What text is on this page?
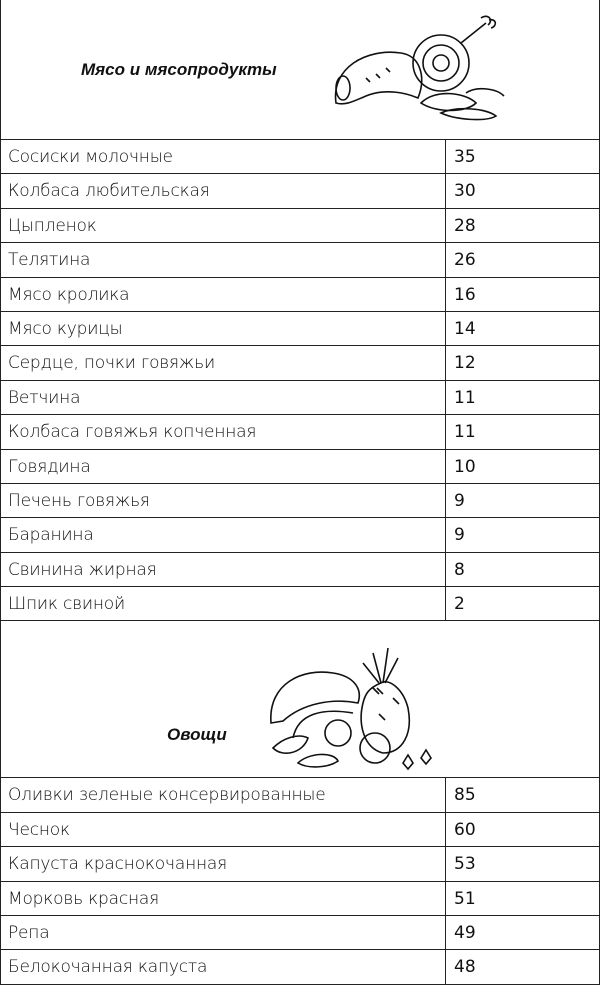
Мясо и мясопродукты
Сосиски молочные	35
Колбаса любительская	30
Цыпленок	28
Телятина	26
Мясо кролика	16
Мясо курицы	14
Сердце, почки говяжьи	12
Ветчина	11
Колбаса говяжья копченная	11
Говядина	10
Печень говяжья	9
Баранина	9
Свинина жирная	8
Шпик свиной	2
Овощи
Оливки зеленые консервированные	85
Чеснок	60
Капуста краснокочанная	53
Морковь красная	51
Репа	49
Белокочанная капуста	48
